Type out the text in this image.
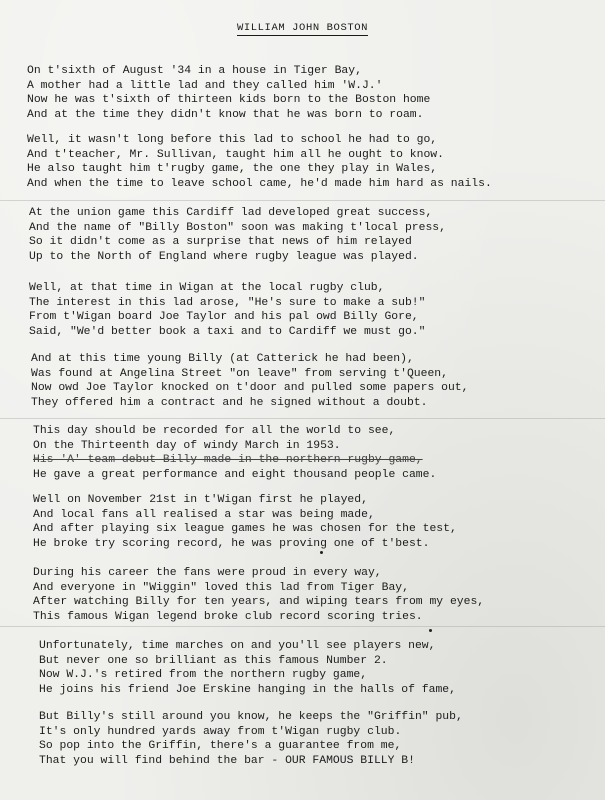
WILLIAM JOHN BOSTON
On t'sixth of August '34 in a house in Tiger Bay,
A mother had a little lad and they called him 'W.J.'
Now he was t'sixth of thirteen kids born to the Boston home
And at the time they didn't know that he was born to roam.
Well, it wasn't long before this lad to school he had to go,
And t'teacher, Mr. Sullivan, taught him all he ought to know.
He also taught him t'rugby game, the one they play in Wales,
And when the time to leave school came, he'd made him hard as nails.
At the union game this Cardiff lad developed great success,
And the name of "Billy Boston" soon was making t'local press,
So it didn't come as a surprise that news of him relayed
Up to the North of England where rugby league was played.
Well, at that time in Wigan at the local rugby club,
The interest in this lad arose, "He's sure to make a sub!"
From t'Wigan board Joe Taylor and his pal owd Billy Gore,
Said, "We'd better book a taxi and to Cardiff we must go."
And at this time young Billy (at Catterick he had been),
Was found at Angelina Street "on leave" from serving t'Queen,
Now owd Joe Taylor knocked on t'door and pulled some papers out,
They offered him a contract and he signed without a doubt.
This day should be recorded for all the world to see,
On the Thirteenth day of windy March in 1953.
His 'A' team debut Billy made in the northern rugby game,
He gave a great performance and eight thousand people came.
Well on November 21st in t'Wigan first he played,
And local fans all realised a star was being made,
And after playing six league games he was chosen for the test,
He broke try scoring record, he was proving one of t'best.
During his career the fans were proud in every way,
And everyone in "Wiggin" loved this lad from Tiger Bay,
After watching Billy for ten years, and wiping tears from my eyes,
This famous Wigan legend broke club record scoring tries.
Unfortunately, time marches on and you'll see players new,
But never one so brilliant as this famous Number 2.
Now W.J.'s retired from the northern rugby game,
He joins his friend Joe Erskine hanging in the halls of fame,
But Billy's still around you know, he keeps the "Griffin" pub,
It's only hundred yards away from t'Wigan rugby club.
So pop into the Griffin, there's a guarantee from me,
That you will find behind the bar - OUR FAMOUS BILLY B!
